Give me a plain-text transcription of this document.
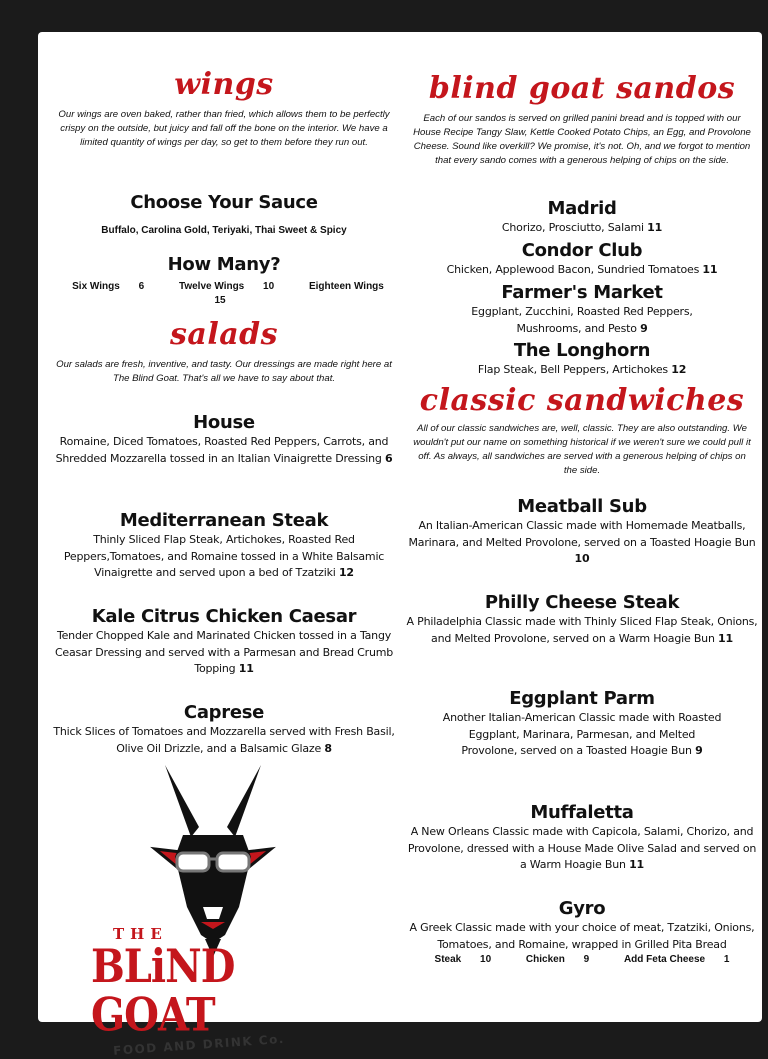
wings

Our wings are oven baked, rather than fried, which allows them to be perfectly crispy on the outside, but juicy and fall off the bone on the interior. We have a limited quantity of wings per day, so get to them before they run out.

Choose Your Sauce

Buffalo, Carolina Gold, Teriyaki, Thai Sweet & Spicy

How Many?

Six Wings 6	Twelve Wings 10	Eighteen Wings 15

salads

Our salads are fresh, inventive, and tasty. Our dressings are made right here at The Blind Goat. That's all we have to say about that.

House

Romaine, Diced Tomatoes, Roasted Red Peppers, Carrots, and Shredded Mozzarella tossed in an Italian Vinaigrette Dressing 6

Mediterranean Steak

Thinly Sliced Flap Steak, Artichokes, Roasted Red Peppers,Tomatoes, and Romaine tossed in a White Balsamic Vinaigrette and served upon a bed of Tzatziki 12

Kale Citrus Chicken Caesar

Tender Chopped Kale and Marinated Chicken tossed in a Tangy Ceasar Dressing and served with a Parmesan and Bread Crumb Topping 11

Caprese

Thick Slices of Tomatoes and Mozzarella served with Fresh Basil, Olive Oil Drizzle, and a Balsamic Glaze 8

THE
BLiND GOAT
FOOD AND DRINK Co.
blind goat sandos

Each of our sandos is served on grilled panini bread and is topped with our House Recipe Tangy Slaw, Kettle Cooked Potato Chips, an Egg, and Provolone Cheese. Sound like overkill? We promise, it's not. Oh, and we forgot to mention that every sando comes with a generous helping of chips on the side.

Madrid

Chorizo, Prosciutto, Salami 11

Condor Club

Chicken, Applewood Bacon, Sundried Tomatoes 11

Farmer's Market

Eggplant, Zucchini, Roasted Red Peppers, Mushrooms, and Pesto 9

The Longhorn

Flap Steak, Bell Peppers, Artichokes 12

classic sandwiches

All of our classic sandwiches are, well, classic. They are also outstanding. We wouldn't put our name on something historical if we weren't sure we could pull it off. As always, all sandwiches are served with a generous helping of chips on the side.

Meatball Sub

An Italian-American Classic made with Homemade Meatballs, Marinara, and Melted Provolone, served on a Toasted Hoagie Bun 10

Philly Cheese Steak

A Philadelphia Classic made with Thinly Sliced Flap Steak, Onions, and Melted Provolone, served on a Warm Hoagie Bun 11

Eggplant Parm

Another Italian-American Classic made with Roasted Eggplant, Marinara, Parmesan, and Melted Provolone, served on a Toasted Hoagie Bun 9

Muffaletta

A New Orleans Classic made with Capicola, Salami, Chorizo, and Provolone, dressed with a House Made Olive Salad and served on a Warm Hoagie Bun 11

Gyro

A Greek Classic made with your choice of meat, Tzatziki, Onions, Tomatoes, and Romaine, wrapped in Grilled Pita Bread

Steak 10	Chicken 9	Add Feta Cheese 1
